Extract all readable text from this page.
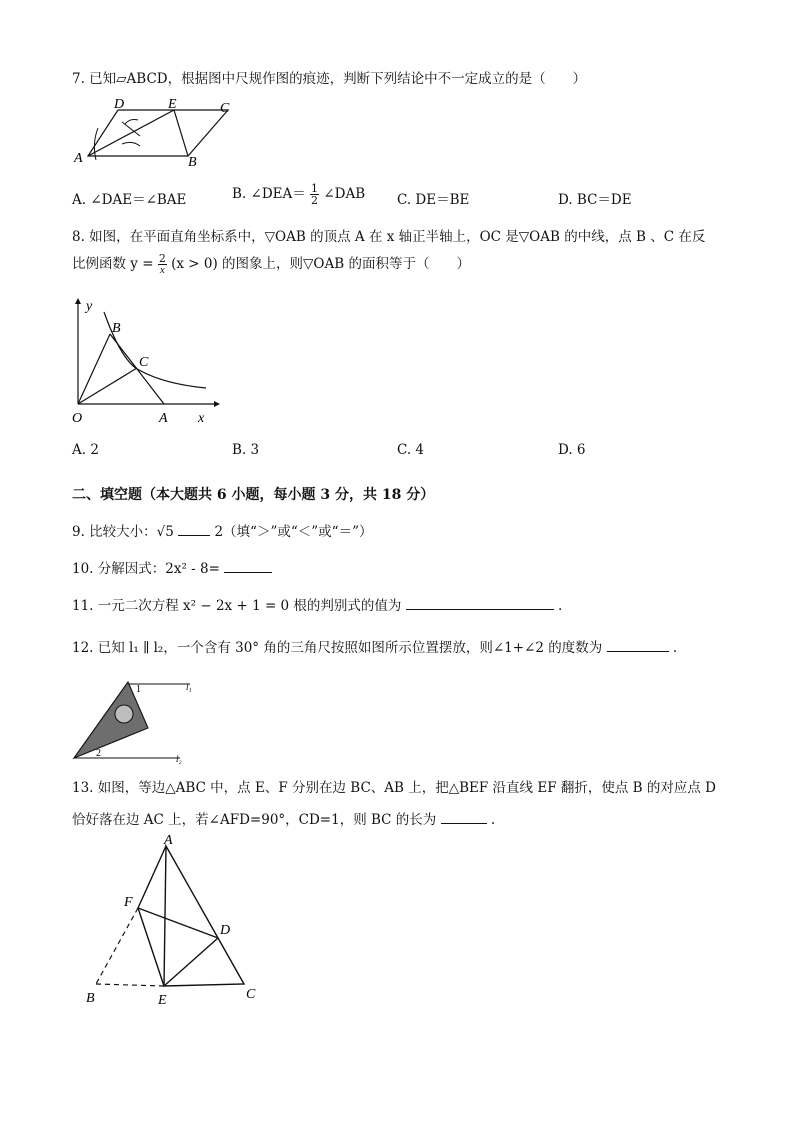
7. 已知▱ABCD，根据图中尺规作图的痕迹，判断下列结论中不一定成立的是（　　）
D	E	C
A	B
A. ∠DAE＝∠BAE	B. ∠DEA＝ $\frac{1}{2}$ ∠DAB C. DE＝BE	D. BC＝DE
8. 如图，在平面直角坐标系中，▽OAB 的顶点 A 在 x 轴正半轴上，OC 是▽OAB 的中线，点 B 、C 在反
比例函数 $y = \frac{2}{x} (x > 0)$ 的图象上，则▽OAB 的面积等于（　　）
y
B
C
O	A x
A. 2	B. 3	C. 4	D. 6
二、填空题（本大题共 6 小题，每小题 3 分，共 18 分）
9. 比较大小：√5	2（填“＞”或“＜”或“＝”）
10. 分解因式：2x² - 8=
11. 一元二次方程 x² − 2x + 1 = 0 根的判别式的值为	.
12. 已知 l₁ ∥ l₂，一个含有 30° 角的三角尺按照如图所示位置摆放，则∠1+∠2 的度数为	.
1
2
l₁
l₂
13. 如图，等边△ABC 中，点 E、F 分别在边 BC、AB 上，把△BEF 沿直线 EF 翻折，使点 B 的对应点 D
恰好落在边 AC 上，若∠AFD=90°，CD=1，则 BC 的长为	.
A
F
D
B	E	C
